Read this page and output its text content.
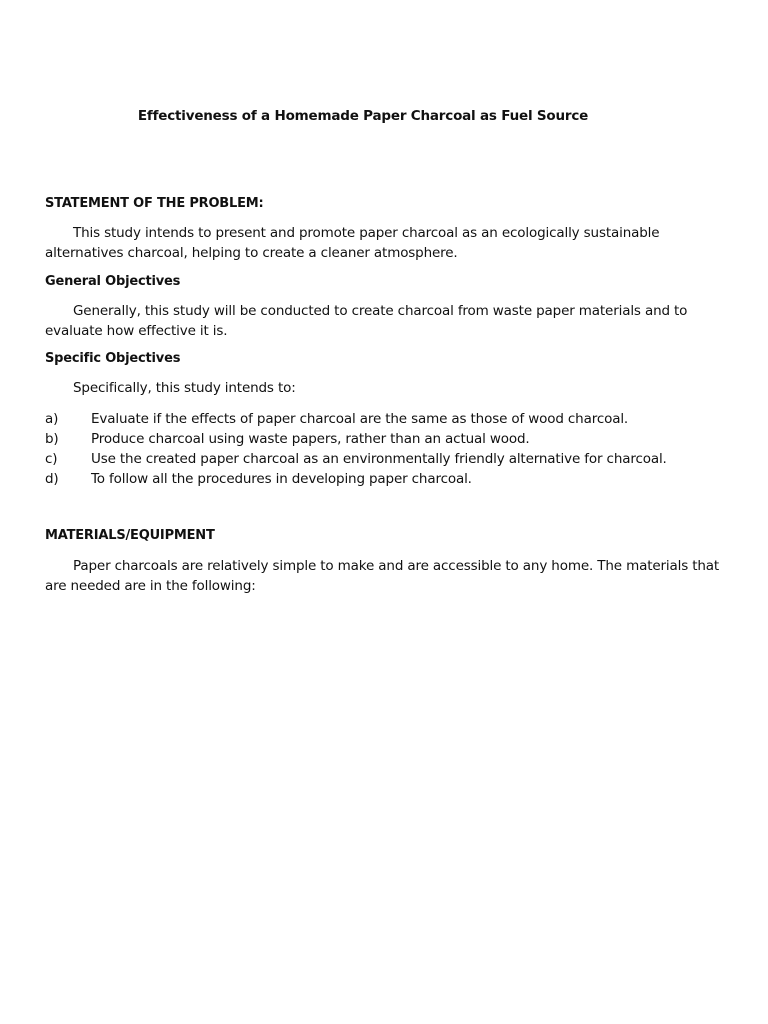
Effectiveness of a Homemade Paper Charcoal as Fuel Source
STATEMENT OF THE PROBLEM:
This study intends to present and promote paper charcoal as an ecologically sustainable alternatives charcoal, helping to create a cleaner atmosphere.
General Objectives
Generally, this study will be conducted to create charcoal from waste paper materials and to evaluate how effective it is.
Specific Objectives
Specifically, this study intends to:
a) Evaluate if the effects of paper charcoal are the same as those of wood charcoal.
b) Produce charcoal using waste papers, rather than an actual wood.
c) Use the created paper charcoal as an environmentally friendly alternative for charcoal.
d) To follow all the procedures in developing paper charcoal.
MATERIALS/EQUIPMENT
Paper charcoals are relatively simple to make and are accessible to any home. The materials that are needed are in the following:
